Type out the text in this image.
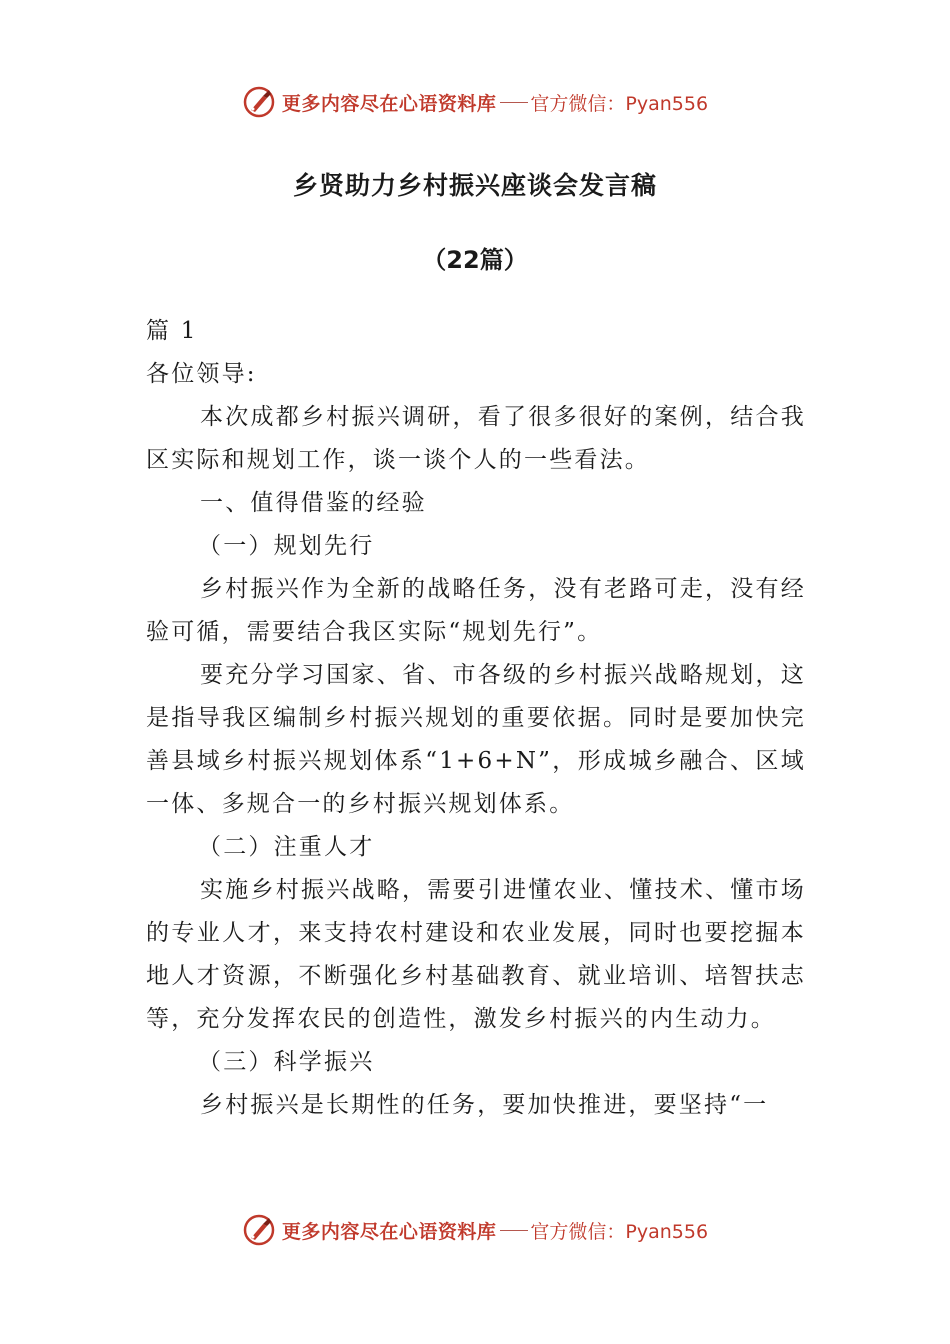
更多内容尽在心语资料库 官方微信：Pyan556
乡贤助力乡村振兴座谈会发言稿
（22篇）

篇 1

各位领导:

本次成都乡村振兴调研，看了很多很好的案例，结合我区实际和规划工作，谈一谈个人的一些看法。

一、值得借鉴的经验

（一）规划先行

乡村振兴作为全新的战略任务，没有老路可走，没有经验可循，需要结合我区实际“规划先行”。

要充分学习国家、省、市各级的乡村振兴战略规划，这是指导我区编制乡村振兴规划的重要依据。同时是要加快完善县域乡村振兴规划体系“1+6+N”，形成城乡融合、区域一体、多规合一的乡村振兴规划体系。

（二）注重人才

实施乡村振兴战略，需要引进懂农业、懂技术、懂市场的专业人才，来支持农村建设和农业发展，同时也要挖掘本地人才资源，不断强化乡村基础教育、就业培训、培智扶志等，充分发挥农民的创造性，激发乡村振兴的内生动力。

（三）科学振兴

乡村振兴是长期性的任务，要加快推进，要坚持“一

更多内容尽在心语资料库 官方微信：Pyan556
